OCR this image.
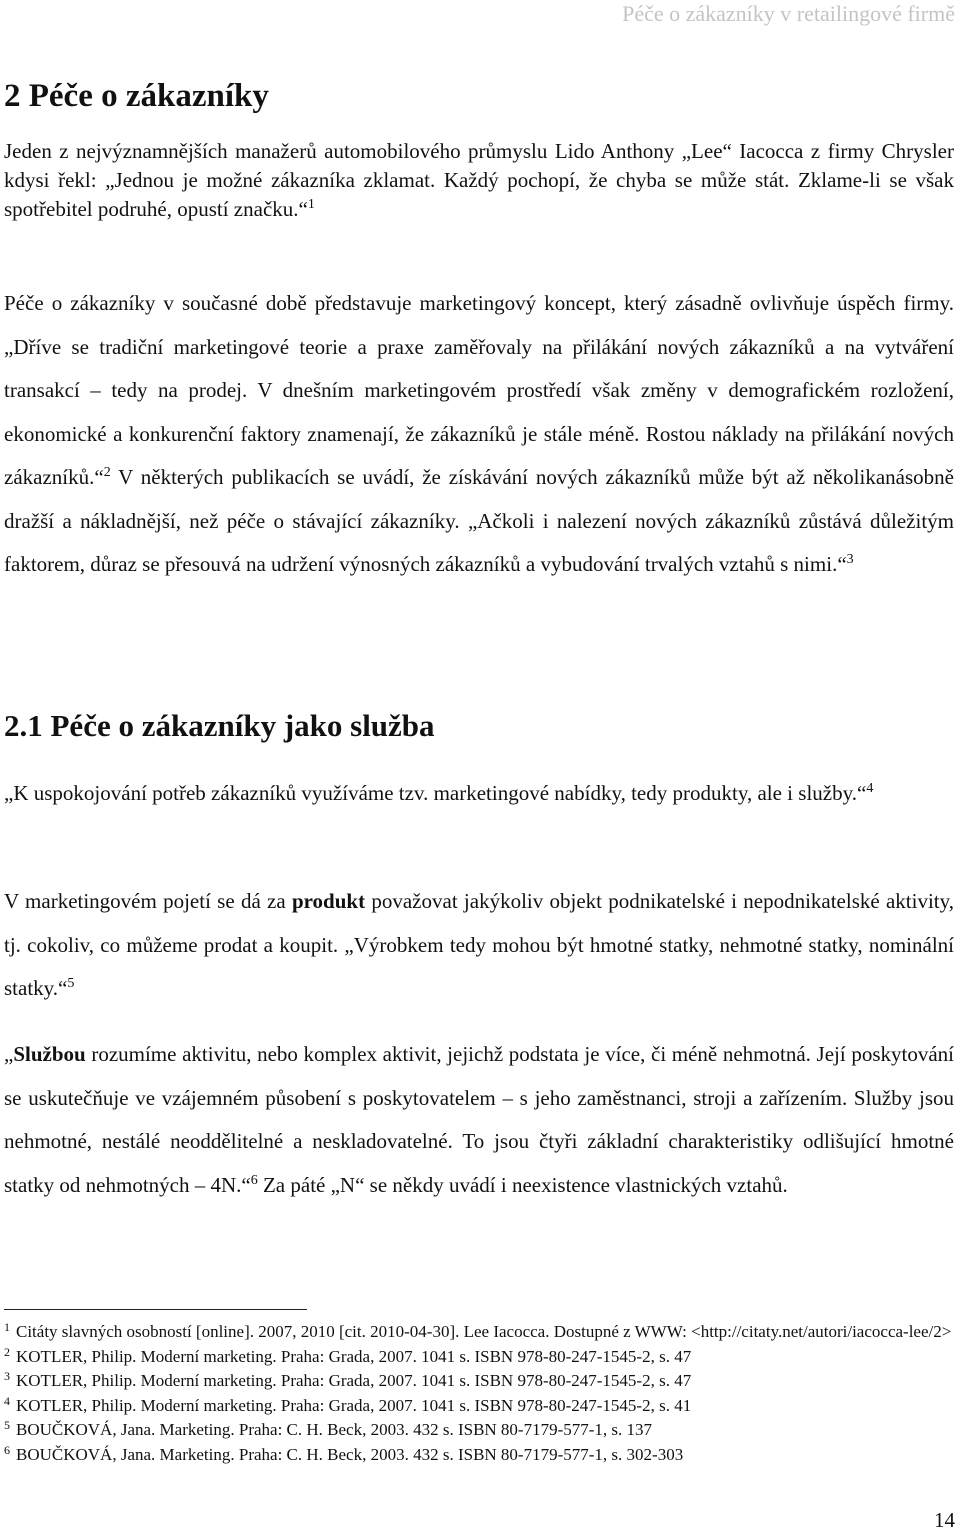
Péče o zákazníky v retailingové firmě
2 Péče o zákazníky

Jeden z nejvýznamnějších manažerů automobilového průmyslu Lido Anthony „Lee“ Iacocca z firmy Chrysler kdysi řekl: „Jednou je možné zákazníka zklamat. Každý pochopí, že chyba se může stát. Zklame-li se však spotřebitel podruhé, opustí značku.“$^1$

Péče o zákazníky v současné době představuje marketingový koncept, který zásadně ovlivňuje úspěch firmy. „Dříve se tradiční marketingové teorie a praxe zaměřovaly na přilákání nových zákazníků a na vytváření transakcí – tedy na prodej. V dnešním marketingovém prostředí však změny v demografickém rozložení, ekonomické a konkurenční faktory znamenají, že zákazníků je stále méně. Rostou náklady na přilákání nových zákazníků.“$^2$ V některých publikacích se uvádí, že získávání nových zákazníků může být až několikanásobně dražší a nákladnější, než péče o stávající zákazníky. „Ačkoli i nalezení nových zákazníků zůstává důležitým faktorem, důraz se přesouvá na udržení výnosných zákazníků a vybudování trvalých vztahů s nimi.“$^3$

2.1 Péče o zákazníky jako služba

„K uspokojování potřeb zákazníků využíváme tzv. marketingové nabídky, tedy produkty, ale i služby.“$^4$

V marketingovém pojetí se dá za produkt považovat jakýkoliv objekt podnikatelské i nepodnikatelské aktivity, tj. cokoliv, co můžeme prodat a koupit. „Výrobkem tedy mohou být hmotné statky, nehmotné statky, nominální statky.“$^5$

„Službou rozumíme aktivitu, nebo komplex aktivit, jejichž podstata je více, či méně nehmotná. Její poskytování se uskutečňuje ve vzájemném působení s poskytovatelem – s jeho zaměstnanci, stroji a zařízením. Služby jsou nehmotné, nestálé neoddělitelné a neskladovatelné. To jsou čtyři základní charakteristiky odlišující hmotné statky od nehmotných – 4N.“$^6$ Za páté „N“ se někdy uvádí i neexistence vlastnických vztahů.

$^1$ Citáty slavných osobností [online]. 2007, 2010 [cit. 2010-04-30]. Lee Iacocca. Dostupné z WWW: <http://citaty.net/autori/iacocca-lee/2>
$^2$ KOTLER, Philip. Moderní marketing. Praha: Grada, 2007. 1041 s. ISBN 978-80-247-1545-2, s. 47
$^3$ KOTLER, Philip. Moderní marketing. Praha: Grada, 2007. 1041 s. ISBN 978-80-247-1545-2, s. 47
$^4$ KOTLER, Philip. Moderní marketing. Praha: Grada, 2007. 1041 s. ISBN 978-80-247-1545-2, s. 41
$^5$ BOUČKOVÁ, Jana. Marketing. Praha: C. H. Beck, 2003. 432 s. ISBN 80-7179-577-1, s. 137
$^6$ BOUČKOVÁ, Jana. Marketing. Praha: C. H. Beck, 2003. 432 s. ISBN 80-7179-577-1, s. 302-303
14
